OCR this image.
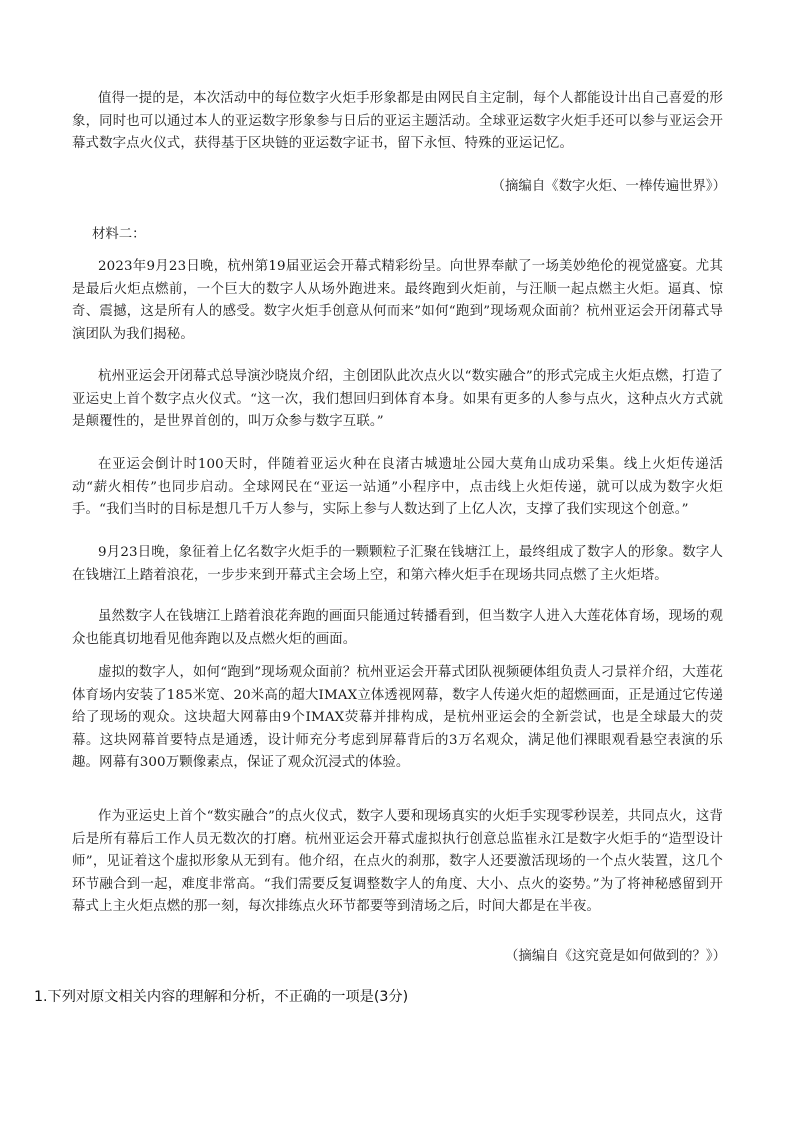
值得一提的是，本次活动中的每位数字火炬手形象都是由网民自主定制，每个人都能设计出自己喜爱的形象，同时也可以通过本人的亚运数字形象参与日后的亚运主题活动。全球亚运数字火炬手还可以参与亚运会开幕式数字点火仪式，获得基于区块链的亚运数字证书，留下永恒、特殊的亚运记忆。

（摘编自《数字火炬、一棒传遍世界》）

材料二：

2023年9月23日晚，杭州第19届亚运会开幕式精彩纷呈。向世界奉献了一场美妙绝伦的视觉盛宴。尤其是最后火炬点燃前，一个巨大的数字人从场外跑进来。最终跑到火炬前，与汪顺一起点燃主火炬。逼真、惊奇、震撼，这是所有人的感受。数字火炬手创意从何而来”如何“跑到”现场观众面前？杭州亚运会开闭幕式导演团队为我们揭秘。

杭州亚运会开闭幕式总导演沙晓岚介绍，主创团队此次点火以“数实融合”的形式完成主火炬点燃，打造了亚运史上首个数字点火仪式。“这一次，我们想回归到体育本身。如果有更多的人参与点火，这种点火方式就是颠覆性的，是世界首创的，叫万众参与数字互联。”

在亚运会倒计时100天时，伴随着亚运火种在良渚古城遗址公园大莫角山成功采集。线上火炬传递活动“薪火相传”也同步启动。全球网民在“亚运一站通”小程序中，点击线上火炬传递，就可以成为数字火炬手。“我们当时的目标是想几千万人参与，实际上参与人数达到了上亿人次，支撑了我们实现这个创意。”

9月23日晚，象征着上亿名数字火炬手的一颗颗粒子汇聚在钱塘江上，最终组成了数字人的形象。数字人在钱塘江上踏着浪花，一步步来到开幕式主会场上空，和第六棒火炬手在现场共同点燃了主火炬塔。

虽然数字人在钱塘江上踏着浪花奔跑的画面只能通过转播看到，但当数字人进入大莲花体育场，现场的观众也能真切地看见他奔跑以及点燃火炬的画面。

虚拟的数字人，如何“跑到”现场观众面前？杭州亚运会开幕式团队视频硬体组负责人刁景祥介绍，大莲花体育场内安装了185米宽、20米高的超大IMAX立体透视网幕，数字人传递火炬的超燃画面，正是通过它传递给了现场的观众。这块超大网幕由9个IMAX荧幕并排构成，是杭州亚运会的全新尝试，也是全球最大的荧幕。这块网幕首要特点是通透，设计师充分考虑到屏幕背后的3万名观众，满足他们裸眼观看悬空表演的乐趣。网幕有300万颗像素点，保证了观众沉浸式的体验。

作为亚运史上首个“数实融合”的点火仪式，数字人要和现场真实的火炬手实现零秒误差，共同点火，这背后是所有幕后工作人员无数次的打磨。杭州亚运会开幕式虚拟执行创意总监崔永江是数字火炬手的“造型设计师”，见证着这个虚拟形象从无到有。他介绍，在点火的刹那，数字人还要激活现场的一个点火装置，这几个环节融合到一起，难度非常高。“我们需要反复调整数字人的角度、大小、点火的姿势。”为了将神秘感留到开幕式上主火炬点燃的那一刻，每次排练点火环节都要等到清场之后，时间大都是在半夜。

（摘编自《这究竟是如何做到的？》）

1.下列对原文相关内容的理解和分析，不正确的一项是(3分)
